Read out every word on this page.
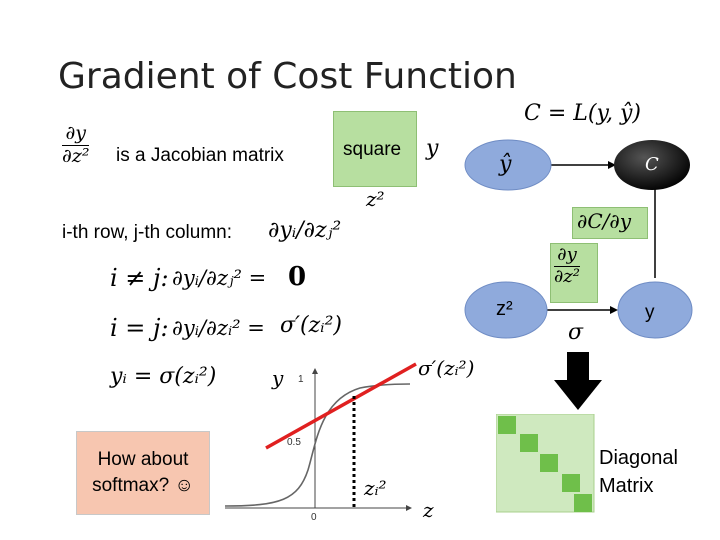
Gradient of Cost Function
$\frac{\partial y}{\text{∂z²}}$ is a Jacobian matrix	square y
z²
i-th row, j-th column: ∂yᵢ/∂zⱼ²
i ≠ j: ∂yᵢ/∂zⱼ² = 0
i = j: ∂yᵢ/∂zᵢ² = σ′(zᵢ²)
yᵢ = σ(zᵢ²)	1
0.5
0
y
zᵢ²
z
σ′(zᵢ²)
How about softmax? ☺
C = L(y, ŷ)
ŷ	C
∂C/∂y
$\frac{\partial y}{\text{∂z²}}$
z²	y
σ
Diagonal
Matrix
